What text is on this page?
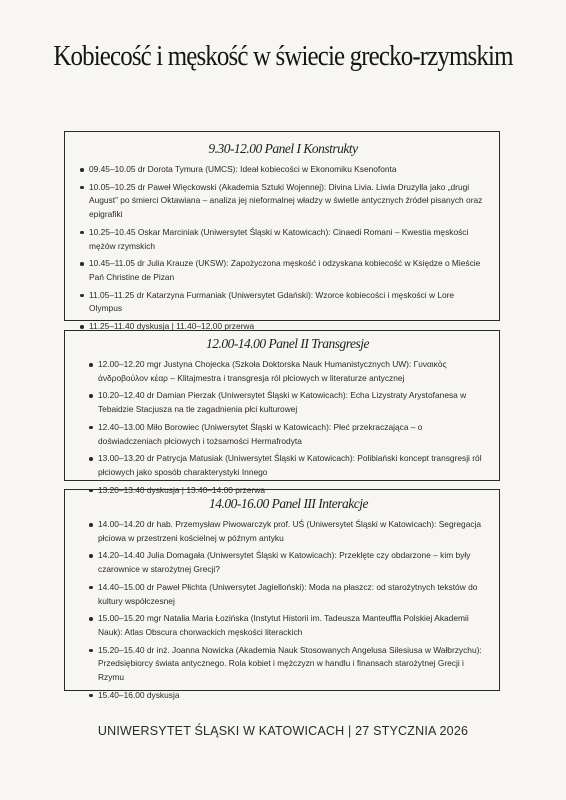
Kobiecość i męskość w świecie grecko-rzymskim
9.30-12.00 Panel I Konstrukty
09.45–10.05 dr Dorota Tymura (UMCS): Ideał kobiecości w Ekonomiku Ksenofonta
10.05–10.25 dr Paweł Więckowski (Akademia Sztuki Wojennej): Divina Livia. Liwia Druzylla jako „drugi August” po śmierci Oktawiana – analiza jej nieformalnej władzy w świetle antycznych źródeł pisanych oraz epigrafiki
10.25–10.45 Oskar Marciniak (Uniwersytet Śląski w Katowicach): Cinaedi Romani – Kwestia męskości mężów rzymskich
10.45–11.05 dr Julia Krauze (UKSW): Zapożyczona męskość i odzyskana kobiecość w Księdze o Mieście Pań Christine de Pizan
11.05–11.25 dr Katarzyna Furmaniak (Uniwersytet Gdański): Wzorce kobiecości i męskości w Lore Olympus
11.25–11.40 dyskusja | 11.40–12.00 przerwa
12.00-14.00 Panel II Transgresje
12.00–12.20 mgr Justyna Chojecka (Szkoła Doktorska Nauk Humanistycznych UW): Γυναικὸς ἀνδροβούλον κέαρ – Klitajmestra i transgresja ról płciowych w literaturze antycznej
10.20–12.40 dr Damian Pierzak (Uniwersytet Śląski w Katowicach): Echa Lizystraty Arystofanesa w Tebaidzie Stacjusza na tle zagadnienia płci kulturowej
12.40–13.00 Miło Borowiec (Uniwersytet Śląski w Katowicach): Płeć przekraczająca – o doświadczeniach płciowych i tożsamości Hermafrodyta
13.00–13.20 dr Patrycja Matusiak (Uniwersytet Śląski w Katowicach): Polibiański koncept transgresji ról płciowych jako sposób charakterystyki Innego
13.20–13.40 dyskusja | 13.40–14.00 przerwa
14.00-16.00 Panel III Interakcje
14.00–14.20 dr hab. Przemysław Piwowarczyk prof. UŚ (Uniwersytet Śląski w Katowicach): Segregacja płciowa w przestrzeni kościelnej w późnym antyku
14.20–14.40 Julia Domagała (Uniwersytet Śląski w Katowicach): Przeklęte czy obdarzone – kim były czarownice w starożytnej Grecji?
14.40–15.00 dr Paweł Płichta (Uniwersytet Jagielloński): Moda na płaszcz: od starożytnych tekstów do kultury współczesnej
15.00–15.20 mgr Natalia Maria Łozińska (Instytut Historii im. Tadeusza Manteuffla Polskiej Akademii Nauk): Atlas Obscura chorwackich męskości literackich
15.20–15.40 dr inż. Joanna Nowicka (Akademia Nauk Stosowanych Angelusa Silesiusa w Wałbrzychu): Przedsiębiorcy świata antycznego. Rola kobiet i mężczyzn w handlu i finansach starożytnej Grecji i Rzymu
15.40–16.00 dyskusja
UNIWERSYTET ŚLĄSKI W KATOWICACH | 27 STYCZNIA 2026
